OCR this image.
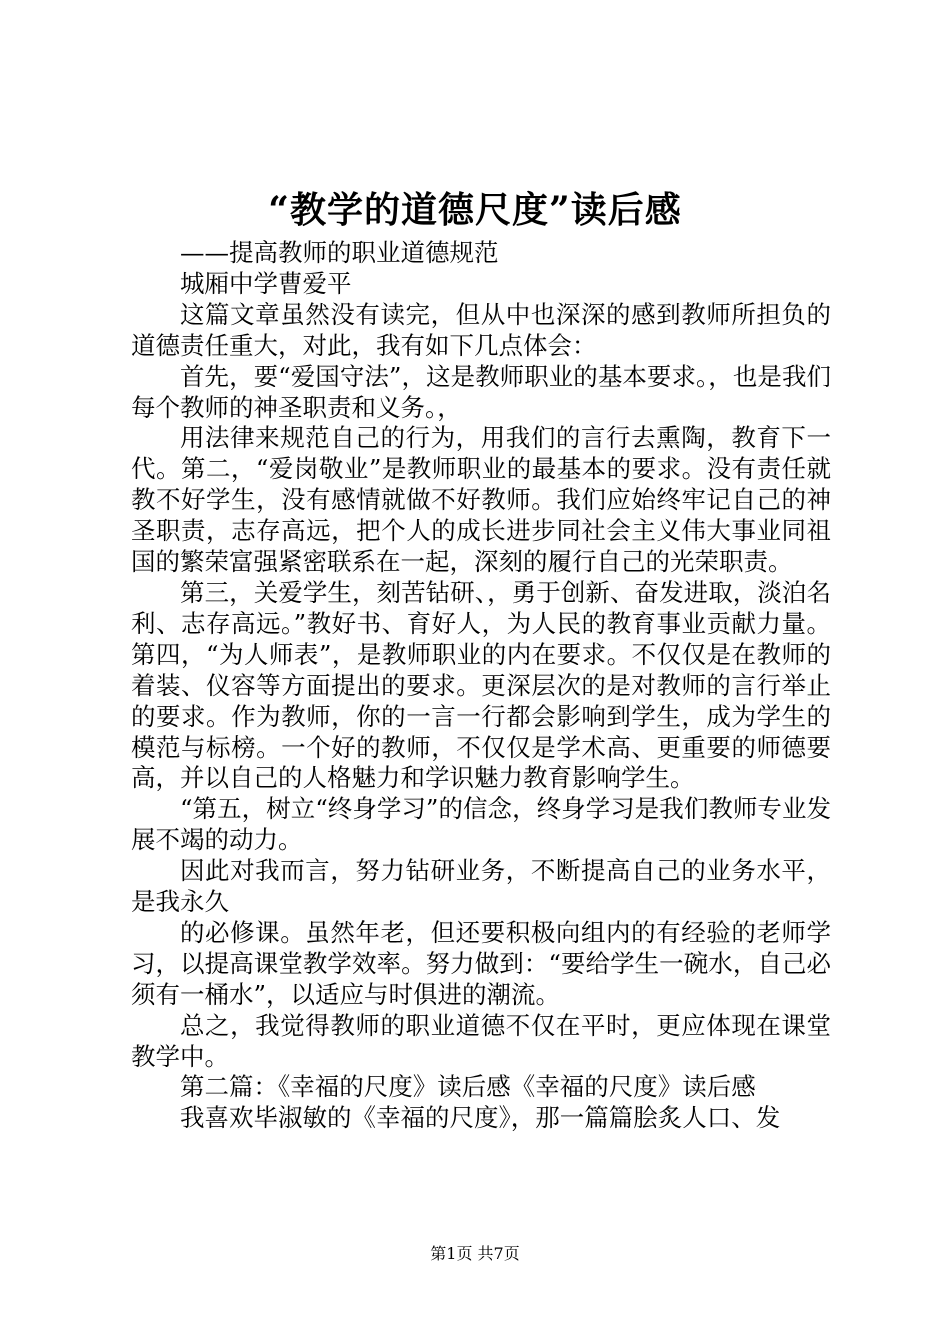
“教学的道德尺度”读后感

——提高教师的职业道德规范

城厢中学曹爱平

这篇文章虽然没有读完，但从中也深深的感到教师所担负的道德责任重大，对此，我有如下几点体会：

首先，要“爱国守法”，这是教师职业的基本要求。，也是我们每个教师的神圣职责和义务。，

用法律来规范自己的行为，用我们的言行去熏陶，教育下一代。第二，“爱岗敬业”是教师职业的最基本的要求。没有责任就教不好学生，没有感情就做不好教师。我们应始终牢记自己的神圣职责，志存高远，把个人的成长进步同社会主义伟大事业同祖国的繁荣富强紧密联系在一起，深刻的履行自己的光荣职责。

第三，关爱学生，刻苦钻研、，勇于创新、奋发进取，淡泊名利、志存高远。”教好书、育好人，为人民的教育事业贡献力量。第四，“为人师表”，是教师职业的内在要求。不仅仅是在教师的着装、仪容等方面提出的要求。更深层次的是对教师的言行举止的要求。作为教师，你的一言一行都会影响到学生，成为学生的模范与标榜。一个好的教师，不仅仅是学术高、更重要的师德要高，并以自己的人格魅力和学识魅力教育影响学生。

“第五，树立“终身学习”的信念，终身学习是我们教师专业发展不竭的动力。

因此对我而言，努力钻研业务，不断提高自己的业务水平，是我永久

的必修课。虽然年老，但还要积极向组内的有经验的老师学习，以提高课堂教学效率。努力做到：“要给学生一碗水，自己必须有一桶水”，以适应与时俱进的潮流。

总之，我觉得教师的职业道德不仅在平时，更应体现在课堂教学中。

第二篇：《幸福的尺度》读后感《幸福的尺度》读后感

我喜欢毕淑敏的《幸福的尺度》，那一篇篇脍炙人口、发

第1页 共7页
